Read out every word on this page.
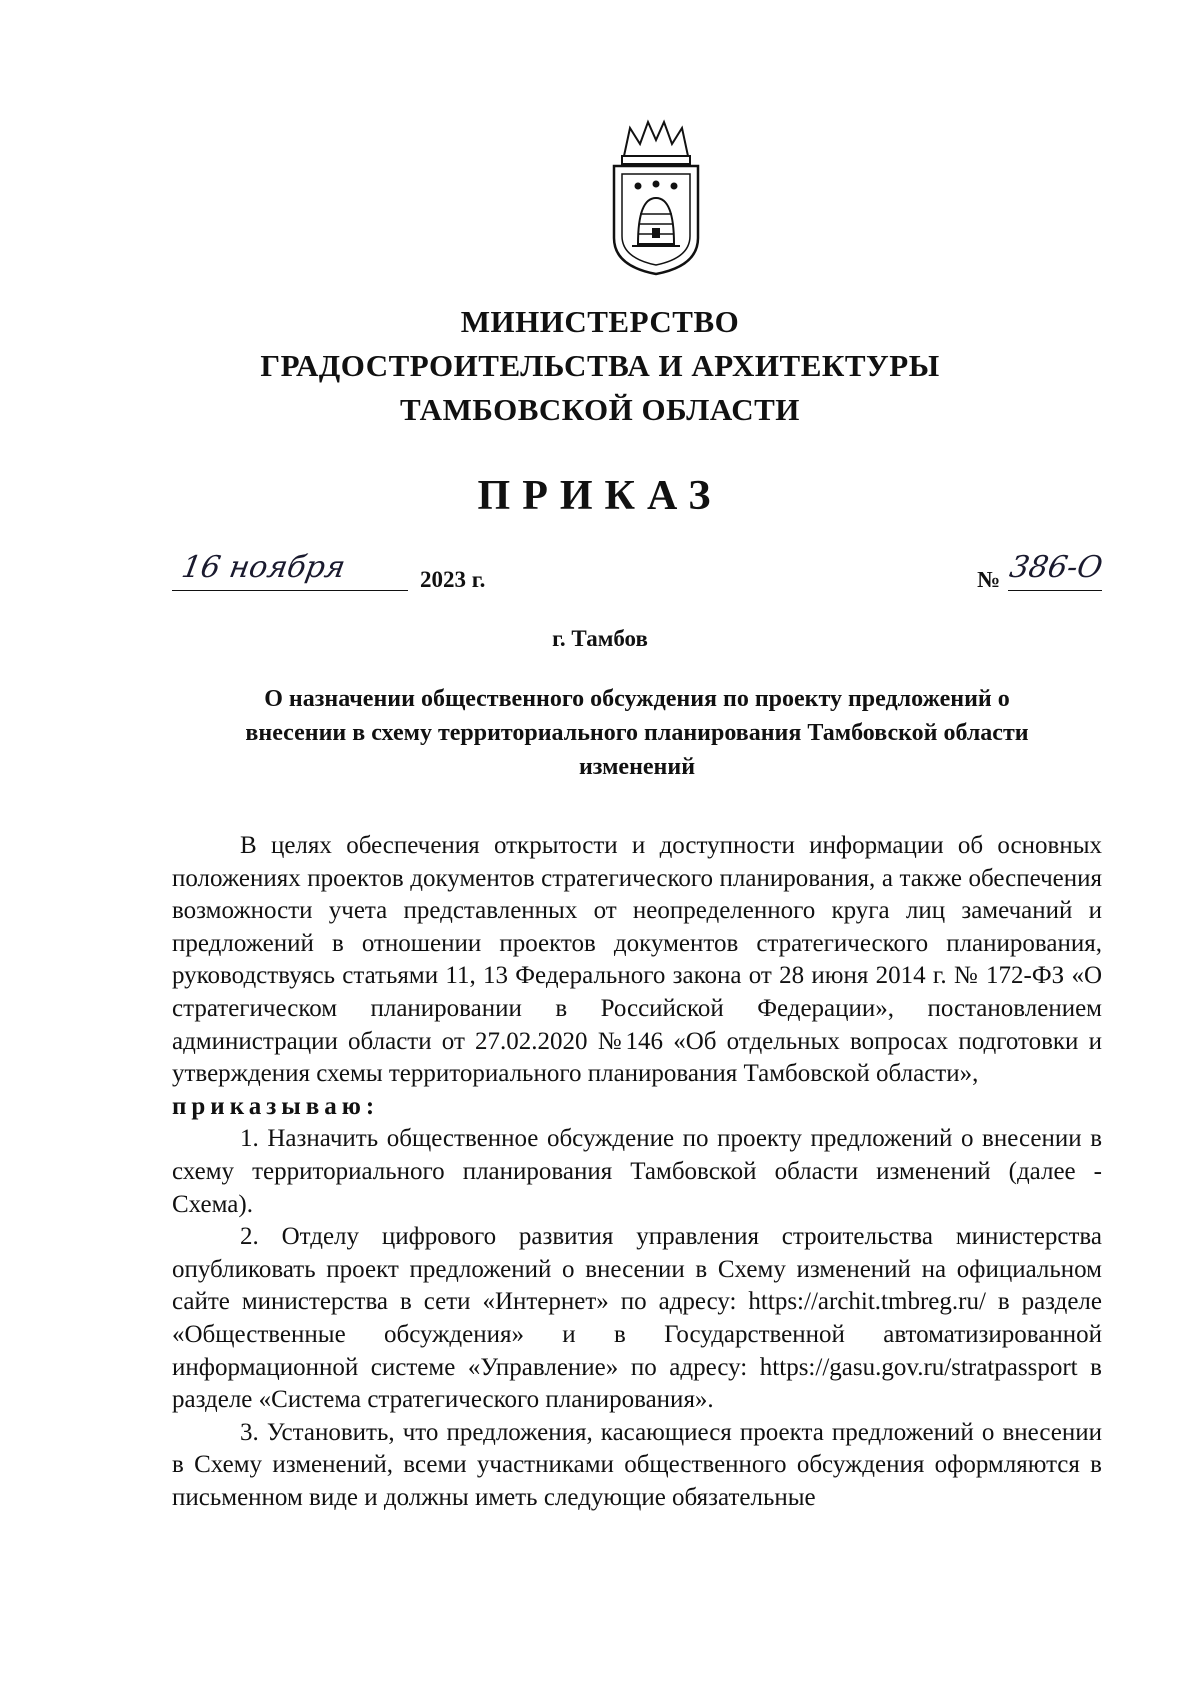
МИНИСТЕРСТВО
ГРАДОСТРОИТЕЛЬСТВА И АРХИТЕКТУРЫ
ТАМБОВСКОЙ ОБЛАСТИ
ПРИКАЗ
16 ноября	2023 г.	№ 386-О
г. Тамбов
О назначении общественного обсуждения по проекту предложений о
внесении в схему территориального планирования Тамбовской области
изменений

В целях обеспечения открытости и доступности информации об основных положениях проектов документов стратегического планирования, а также обеспечения возможности учета представленных от неопределенного круга лиц замечаний и предложений в отношении проектов документов стратегического планирования, руководствуясь статьями 11, 13 Федерального закона от 28 июня 2014 г. № 172-ФЗ «О стратегическом планировании в Российской Федерации», постановлением администрации области от 27.02.2020 №146 «Об отдельных вопросах подготовки и утверждения схемы территориального планирования Тамбовской области»,

приказываю:

1. Назначить общественное обсуждение по проекту предложений о внесении в схему территориального планирования Тамбовской области изменений (далее - Схема).

2. Отделу цифрового развития управления строительства министерства опубликовать проект предложений о внесении в Схему изменений на официальном сайте министерства в сети «Интернет» по адресу: https://archit.tmbreg.ru/ в разделе «Общественные обсуждения» и в Государственной автоматизированной информационной системе «Управление» по адресу: https://gasu.gov.ru/stratpassport в разделе «Система стратегического планирования».

3. Установить, что предложения, касающиеся проекта предложений о внесении в Схему изменений, всеми участниками общественного обсуждения оформляются в письменном виде и должны иметь следующие обязательные
